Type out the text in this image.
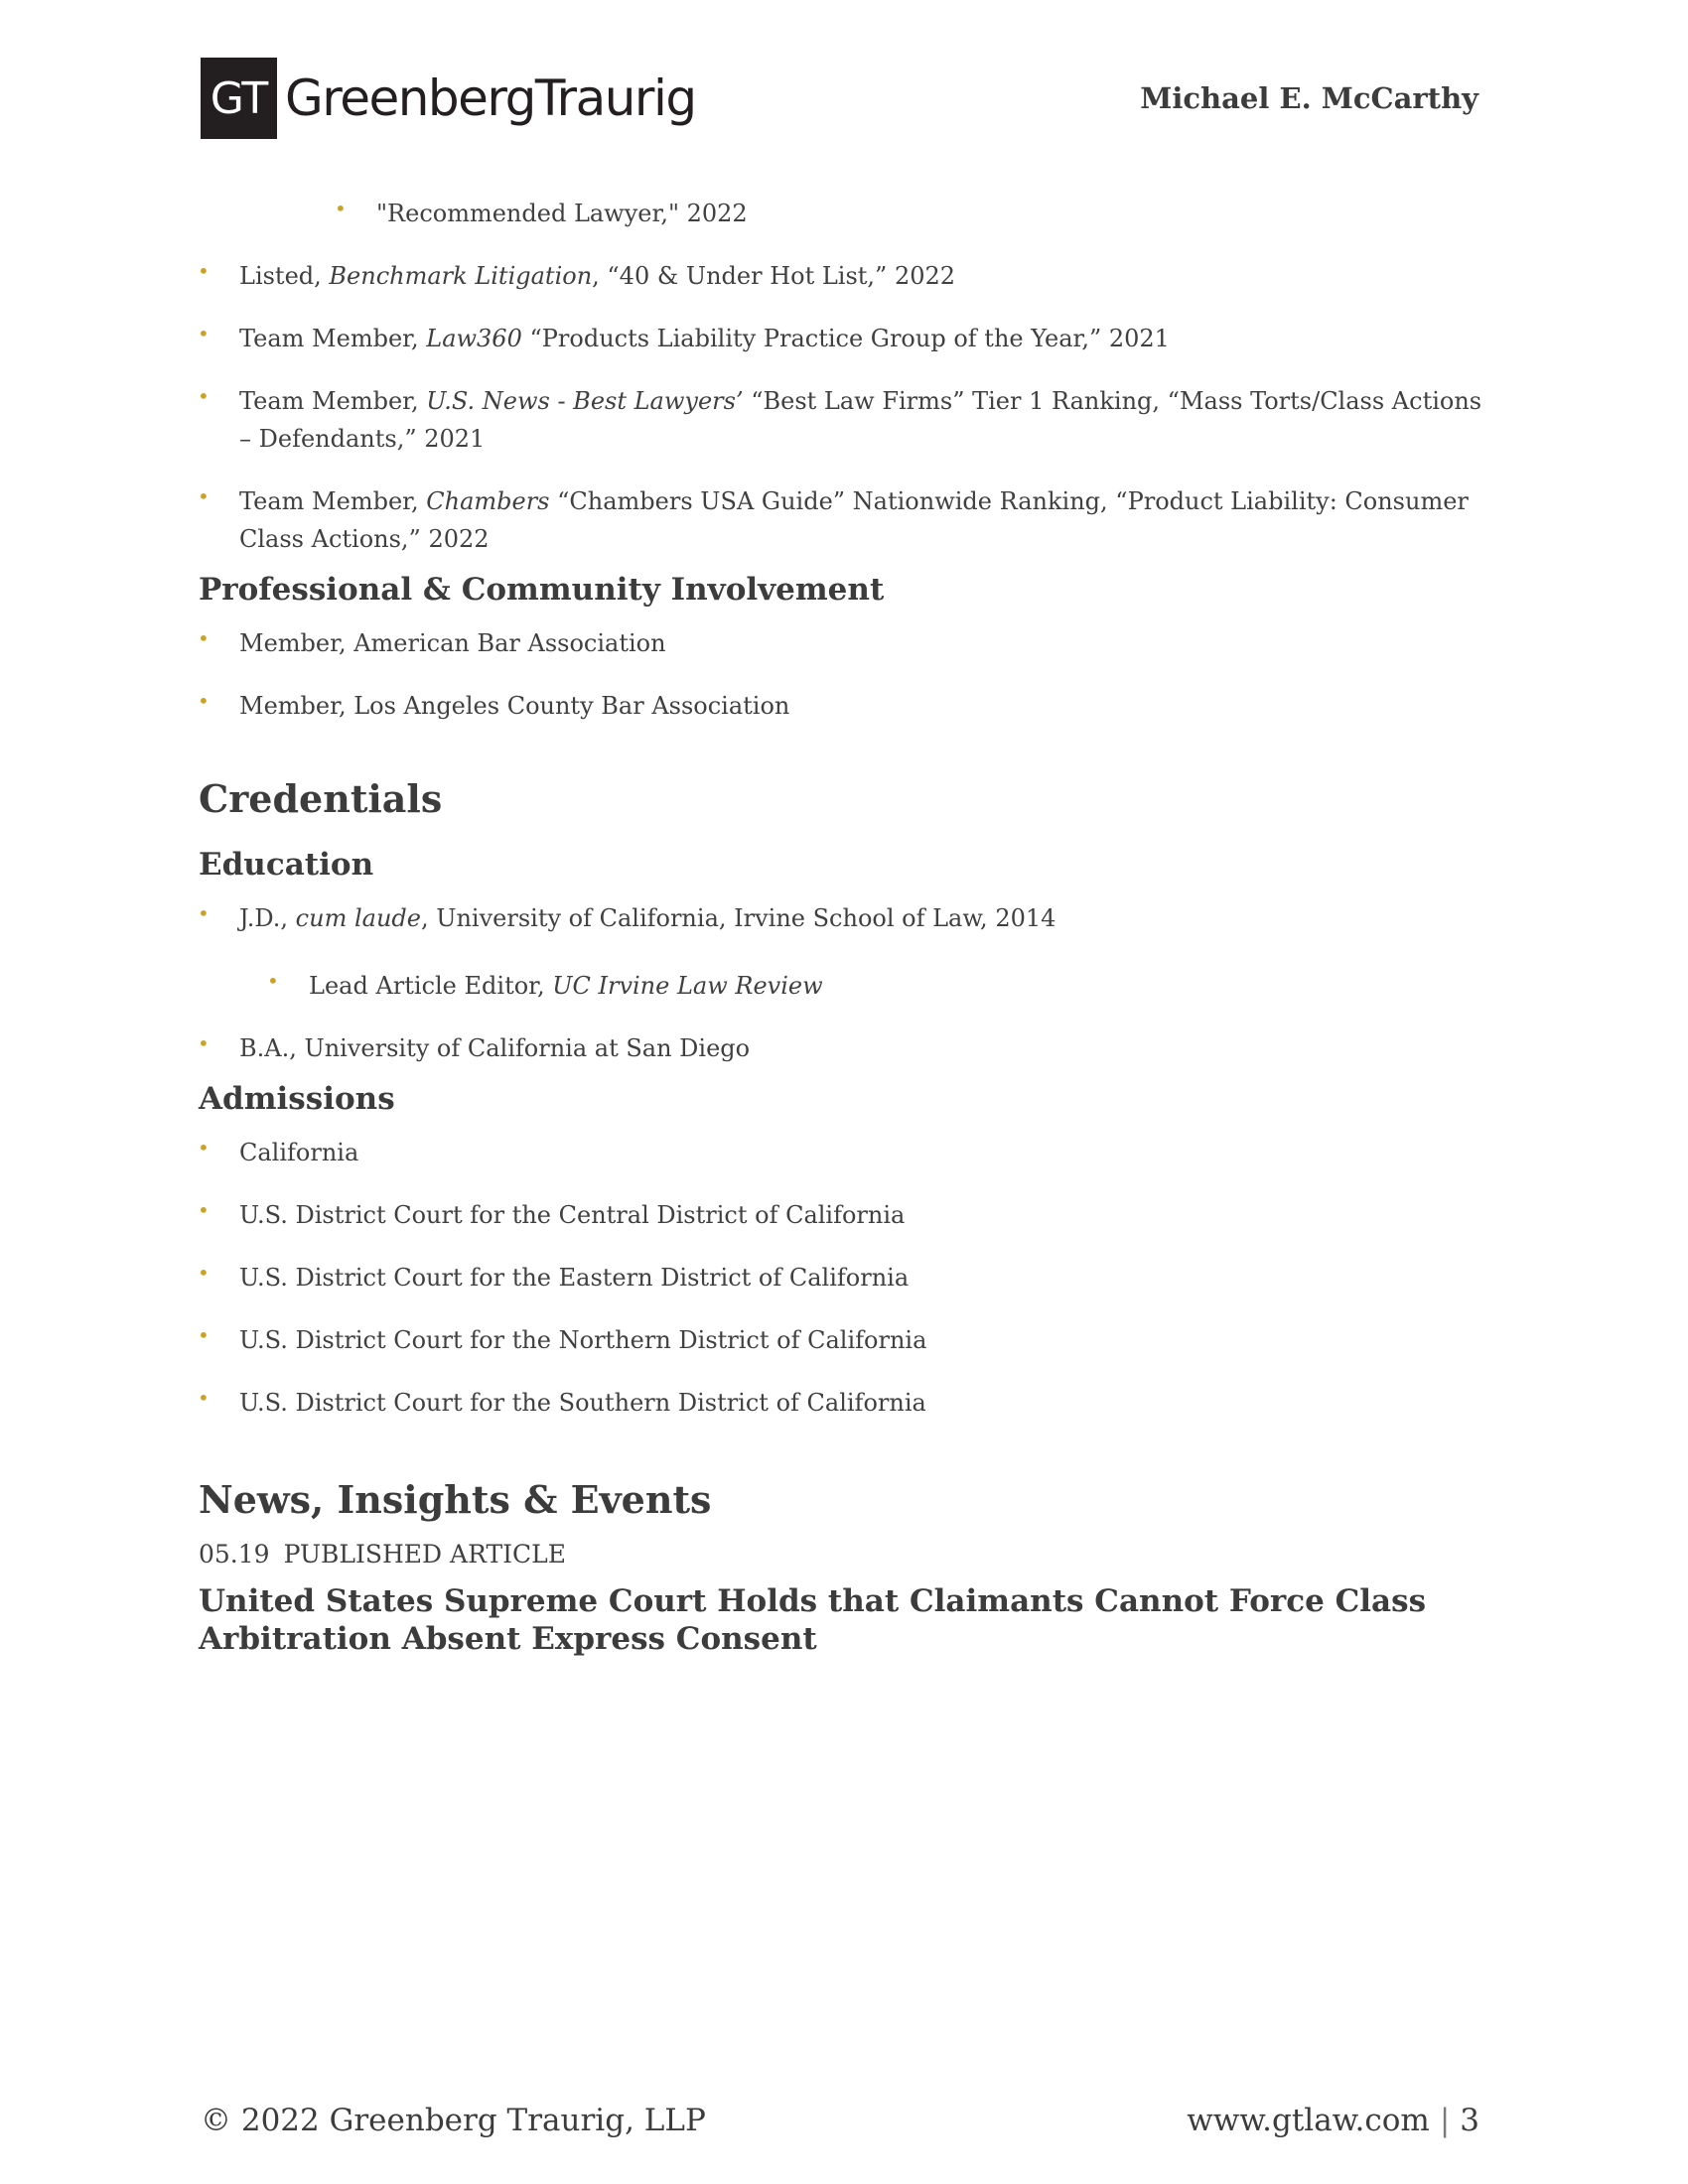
GT GreenbergTraurig	Michael E. McCarthy
• "Recommended Lawyer," 2022
• Listed, Benchmark Litigation, “40 & Under Hot List,” 2022
• Team Member, Law360 “Products Liability Practice Group of the Year,” 2021
• Team Member, U.S. News - Best Lawyers’ “Best Law Firms” Tier 1 Ranking, “Mass Torts/Class Actions – Defendants,” 2021
• Team Member, Chambers “Chambers USA Guide” Nationwide Ranking, “Product Liability: Consumer Class Actions,” 2022
Professional & Community Involvement
• Member, American Bar Association
• Member, Los Angeles County Bar Association
Credentials
Education
• J.D., cum laude, University of California, Irvine School of Law, 2014
• Lead Article Editor, UC Irvine Law Review
• B.A., University of California at San Diego
Admissions
• California
• U.S. District Court for the Central District of California
• U.S. District Court for the Eastern District of California
• U.S. District Court for the Northern District of California
• U.S. District Court for the Southern District of California
News, Insights & Events

05.19 PUBLISHED ARTICLE

United States Supreme Court Holds that Claimants Cannot Force Class Arbitration Absent Express Consent

© 2022 Greenberg Traurig, LLP	www.gtlaw.com | 3
